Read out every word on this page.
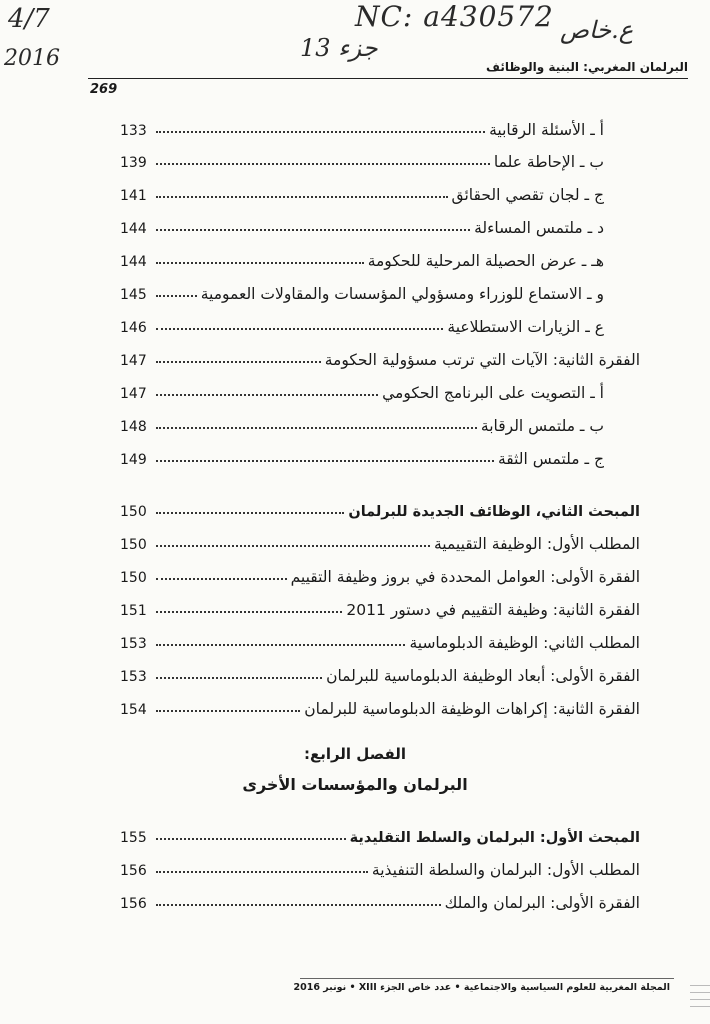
4/7
2016
NC: a430572
جزء 13
ع.خاص
البرلمان المغربي: البنية والوظائف
269
أ ـ الأسئلة الرقابية
133
ب ـ الإحاطة علما
139
ج ـ لجان تقصي الحقائق
141
د ـ ملتمس المساءلة
144
هـ ـ عرض الحصيلة المرحلية للحكومة
144
و ـ الاستماع للوزراء ومسؤولي المؤسسات والمقاولات العمومية
145
ع ـ الزيارات الاستطلاعية
146
الفقرة الثانية: الآيات التي ترتب مسؤولية الحكومة
147
أ ـ التصويت على البرنامج الحكومي
147
ب ـ ملتمس الرقابة
148
ج ـ ملتمس الثقة
149
المبحث الثاني، الوظائف الجديدة للبرلمان
150
المطلب الأول: الوظيفة التقييمية
150
الفقرة الأولى: العوامل المحددة في بروز وظيفة التقييم
150
الفقرة الثانية: وظيفة التقييم في دستور 2011
151
المطلب الثاني: الوظيفة الدبلوماسية
153
الفقرة الأولى: أبعاد الوظيفة الدبلوماسية للبرلمان
153
الفقرة الثانية: إكراهات الوظيفة الدبلوماسية للبرلمان
154
الفصل الرابع:
البرلمان والمؤسسات الأخرى
المبحث الأول: البرلمان والسلط التقليدية
155
المطلب الأول: البرلمان والسلطة التنفيذية
156
الفقرة الأولى: البرلمان والملك
156
المجلة المغربية للعلوم السياسية والاجتماعية • عدد خاص الجزء XIII • نونبر 2016
